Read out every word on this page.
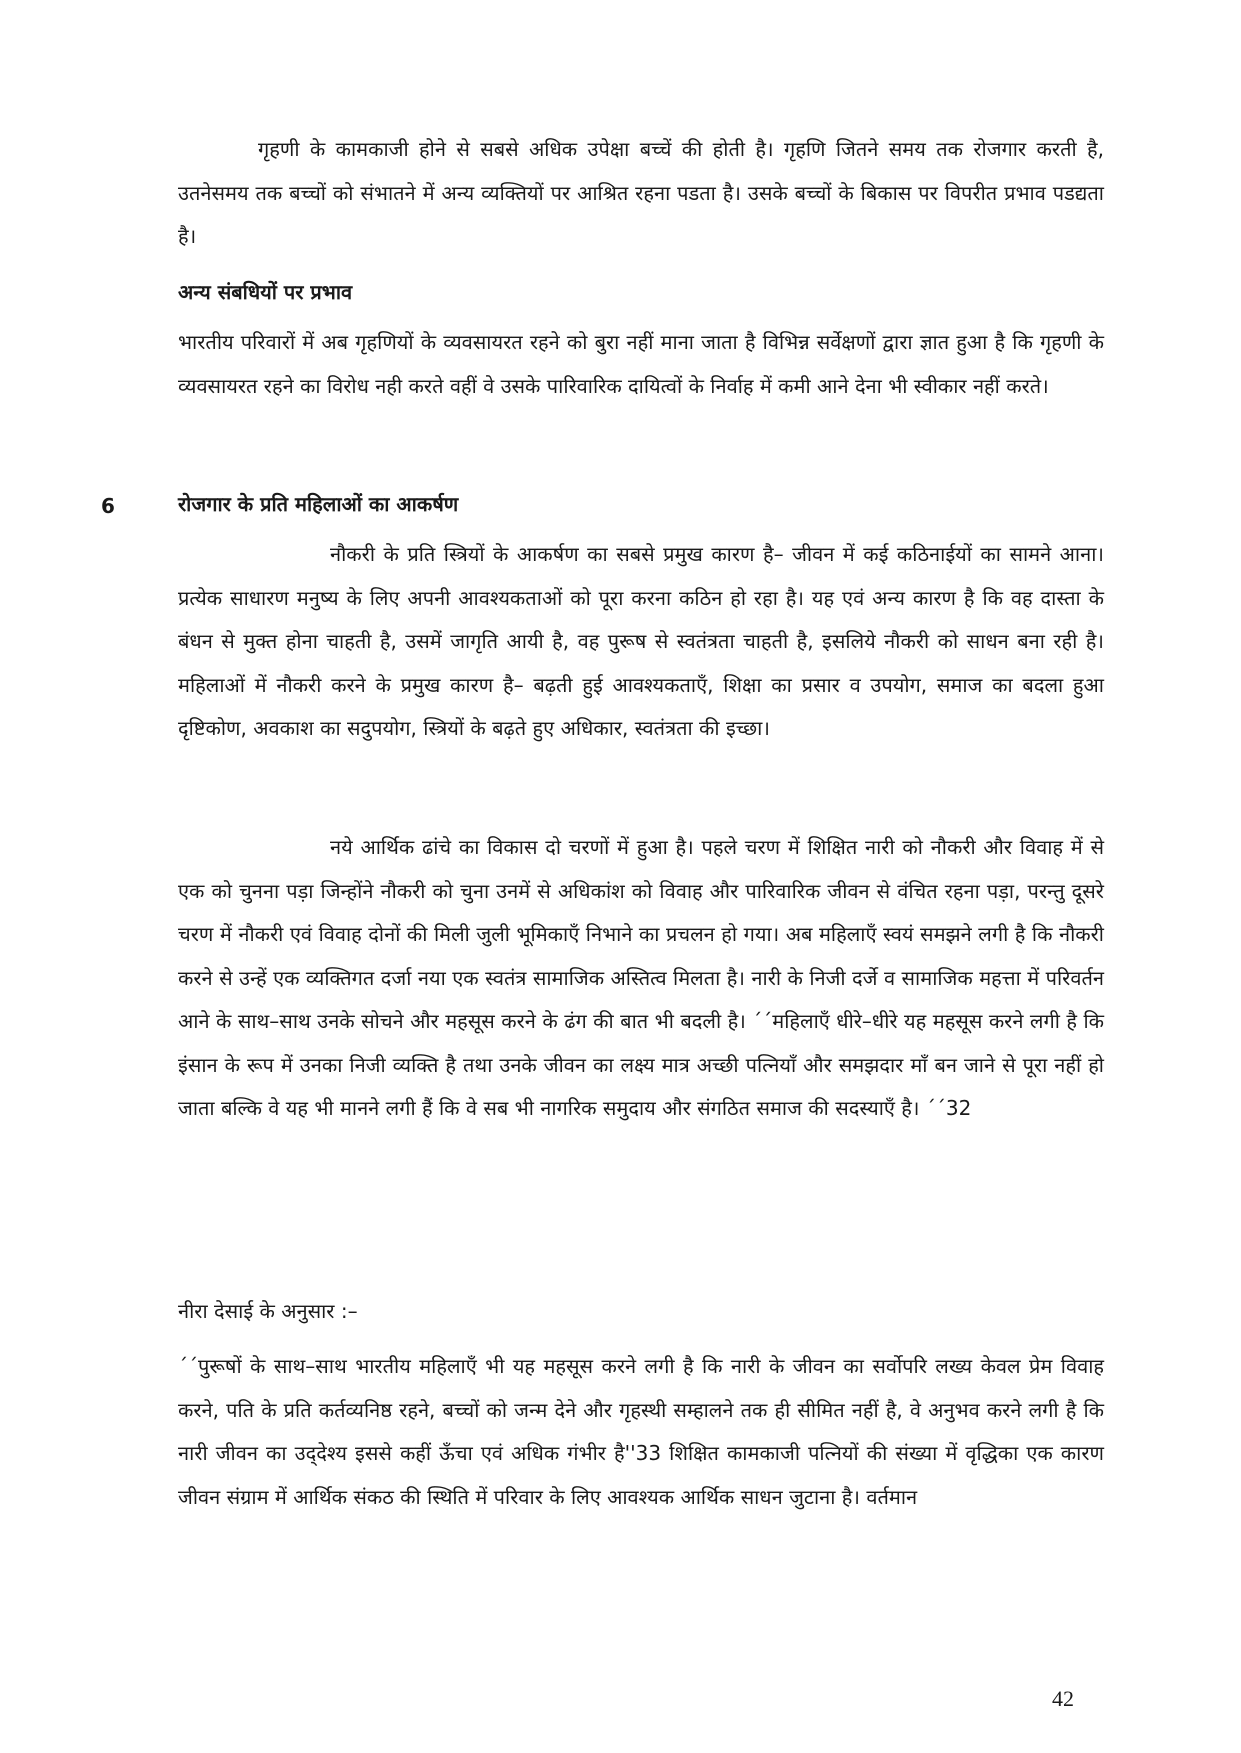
गृहणी के कामकाजी होने से सबसे अधिक उपेक्षा बच्चें की होती है। गृहणि जितने समय तक रोजगार करती है, उतनेसमय तक बच्चों को संभातने में अन्य व्यक्तियों पर आश्रित रहना पडता है। उसके बच्चों के बिकास पर विपरीत प्रभाव पडद्यता है।

अन्य संबधियों पर प्रभाव

भारतीय परिवारों में अब गृहणियों के व्यवसायरत रहने को बुरा नहीं माना जाता है विभिन्न सर्वेक्षणों द्वारा ज्ञात हुआ है कि गृहणी के व्यवसायरत रहने का विरोध नही करते वहीं वे उसके पारिवारिक दायित्वों के निर्वाह में कमी आने देना भी स्वीकार नहीं करते।

6	रोजगार के प्रति महिलाओं का आकर्षण

नौकरी के प्रति स्त्रियों के आकर्षण का सबसे प्रमुख कारण है– जीवन में कई कठिनाईयों का सामने आना। प्रत्येक साधारण मनुष्य के लिए अपनी आवश्यकताओं को पूरा करना कठिन हो रहा है। यह एवं अन्य कारण है कि वह दास्ता के बंधन से मुक्त होना चाहती है, उसमें जागृति आयी है, वह पुरूष से स्वतंत्रता चाहती है, इसलिये नौकरी को साधन बना रही है। महिलाओं में नौकरी करने के प्रमुख कारण है– बढ़ती हुई आवश्यकताएँ, शिक्षा का प्रसार व उपयोग, समाज का बदला हुआ दृष्टिकोण, अवकाश का सदुपयोग, स्त्रियों के बढ़ते हुए अधिकार, स्वतंत्रता की इच्छा।

नये आर्थिक ढांचे का विकास दो चरणों में हुआ है। पहले चरण में शिक्षित नारी को नौकरी और विवाह में से एक को चुनना पड़ा जिन्होंने नौकरी को चुना उनमें से अधिकांश को विवाह और पारिवारिक जीवन से वंचित रहना पड़ा, परन्तु दूसरे चरण में नौकरी एवं विवाह दोनों की मिली जुली भूमिकाएँ निभाने का प्रचलन हो गया। अब महिलाएँ स्वयं समझने लगी है कि नौकरी करने से उन्हें एक व्यक्तिगत दर्जा नया एक स्वतंत्र सामाजिक अस्तित्व मिलता है। नारी के निजी दर्जे व सामाजिक महत्ता में परिवर्तन आने के साथ–साथ उनके सोचने और महसूस करने के ढंग की बात भी बदली है। ´´महिलाएँ धीरे–धीरे यह महसूस करने लगी है कि इंसान के रूप में उनका निजी व्यक्ति है तथा उनके जीवन का लक्ष्य मात्र अच्छी पत्नियाँ और समझदार माँ बन जाने से पूरा नहीं हो जाता बल्कि वे यह भी मानने लगी हैं कि वे सब भी नागरिक समुदाय और संगठित समाज की सदस्याएँ है। ´´32

नीरा देसाई के अनुसार :–

´´पुरूषों के साथ–साथ भारतीय महिलाएँ भी यह महसूस करने लगी है कि नारी के जीवन का सर्वोपरि लख्य केवल प्रेम विवाह करने, पति के प्रति कर्तव्यनिष्ठ रहने, बच्चों को जन्म देने और गृहस्थी सम्हालने तक ही सीमित नहीं है, वे अनुभव करने लगी है कि नारी जीवन का उद्‌देश्य इससे कहीं ऊँचा एवं अधिक गंभीर है''33 शिक्षित कामकाजी पत्नियों की संख्या में वृद्धिका एक कारण जीवन संग्राम में आर्थिक संकठ की स्थिति में परिवार के लिए आवश्यक आर्थिक साधन जुटाना है। वर्तमान

42
